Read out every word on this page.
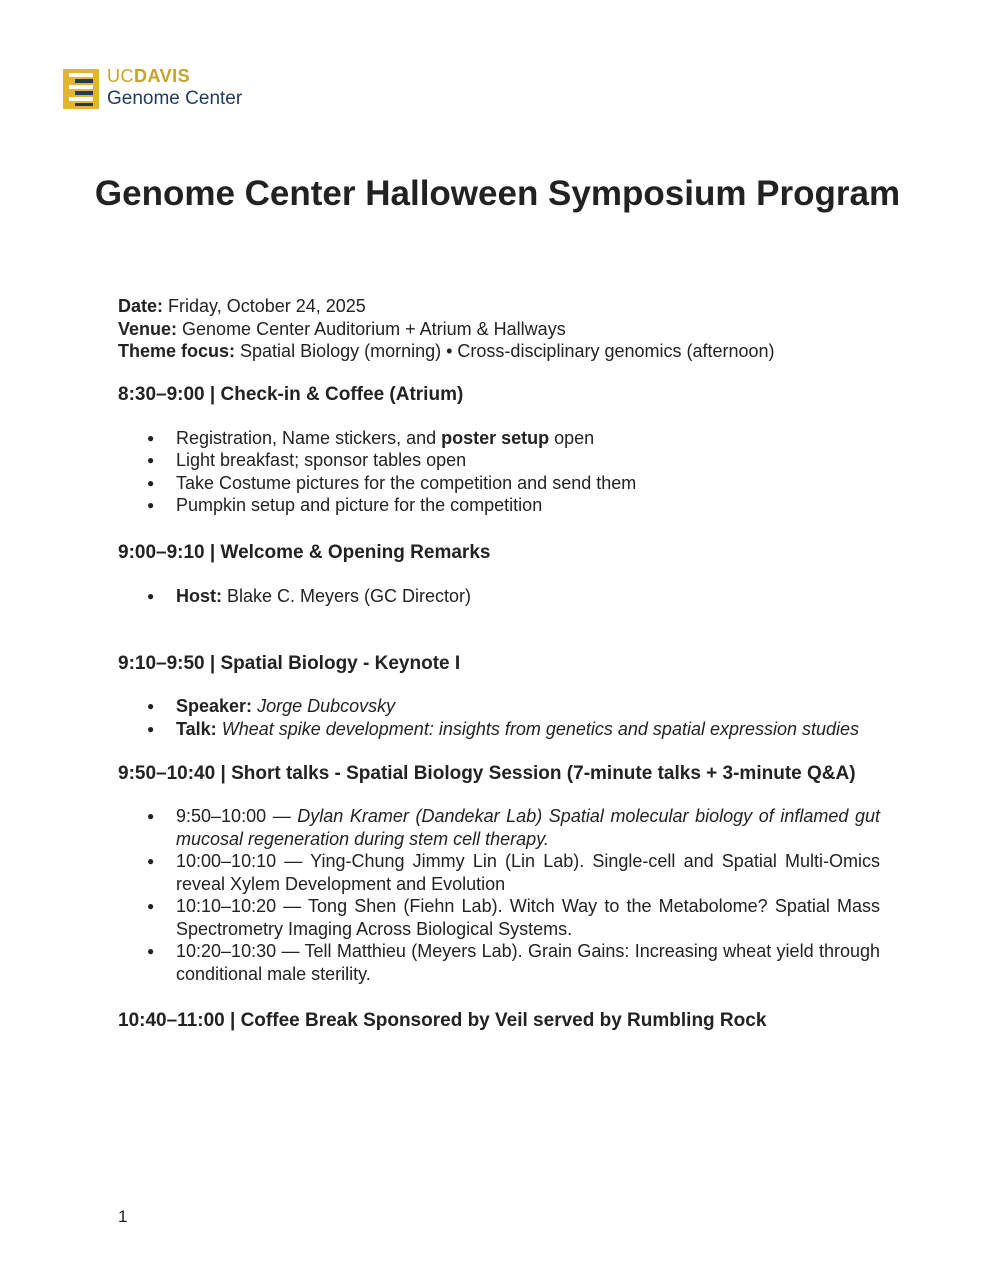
UCDAVIS
Genome Center
Genome Center Halloween Symposium Program

Date: Friday, October 24, 2025

Venue: Genome Center Auditorium + Atrium & Hallways

Theme focus: Spatial Biology (morning) • Cross-disciplinary genomics (afternoon)

8:30–9:00 | Check-in & Coffee (Atrium)
● Registration, Name stickers, and poster setup open
● Light breakfast; sponsor tables open
● Take Costume pictures for the competition and send them
● Pumpkin setup and picture for the competition
9:00–9:10 | Welcome & Opening Remarks
● Host: Blake C. Meyers (GC Director)
9:10–9:50 | Spatial Biology - Keynote I
● Speaker: Jorge Dubcovsky
● Talk: Wheat spike development: insights from genetics and spatial expression studies
9:50–10:40 | Short talks - Spatial Biology Session (7-minute talks + 3-minute Q&A)
● 9:50–10:00 — Dylan Kramer (Dandekar Lab) Spatial molecular biology of inflamed gut mucosal regeneration during stem cell therapy.
● 10:00–10:10 — Ying-Chung Jimmy Lin (Lin Lab). Single-cell and Spatial Multi-Omics reveal Xylem Development and Evolution
● 10:10–10:20 — Tong Shen (Fiehn Lab). Witch Way to the Metabolome? Spatial Mass Spectrometry Imaging Across Biological Systems.
● 10:20–10:30 — Tell Matthieu (Meyers Lab). Grain Gains: Increasing wheat yield through conditional male sterility.
10:40–11:00 | Coffee Break Sponsored by Veil served by Rumbling Rock
1
